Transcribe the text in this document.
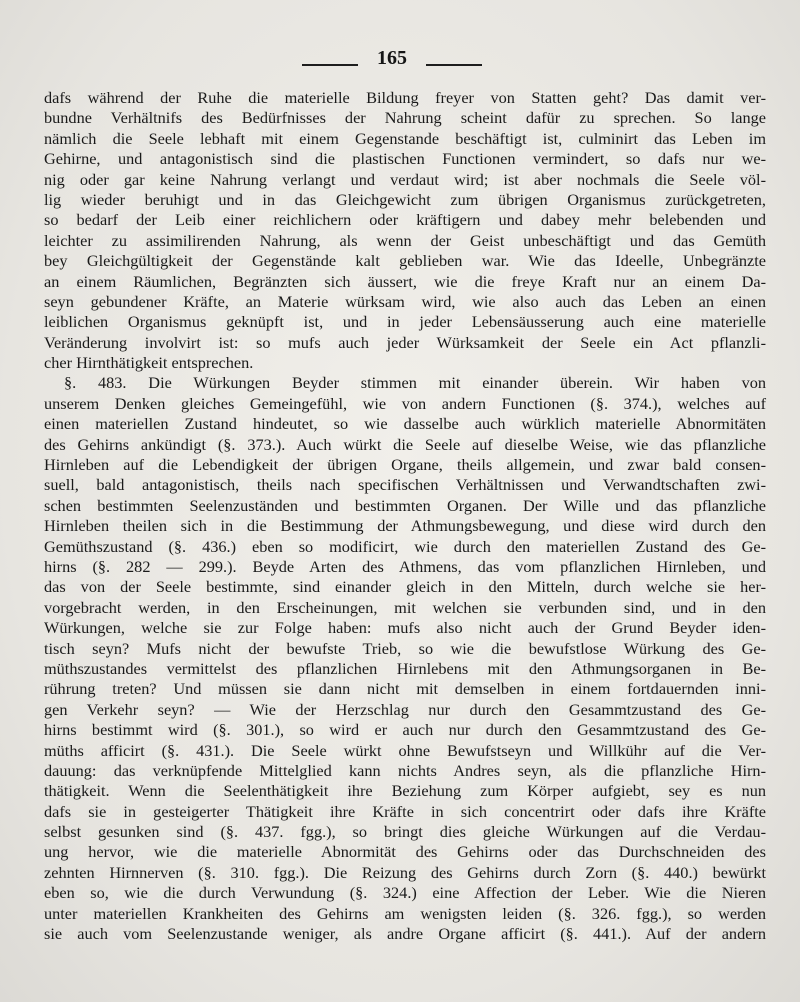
165
dafs während der Ruhe die materielle Bildung freyer von Statten geht? Das damit ver-
bundne Verhältnifs des Bedürfnisses der Nahrung scheint dafür zu sprechen. So lange
nämlich die Seele lebhaft mit einem Gegenstande beschäftigt ist, culminirt das Leben im
Gehirne, und antagonistisch sind die plastischen Functionen vermindert, so dafs nur we-
nig oder gar keine Nahrung verlangt und verdaut wird; ist aber nochmals die Seele völ-
lig wieder beruhigt und in das Gleichgewicht zum übrigen Organismus zurückgetreten,
so bedarf der Leib einer reichlichern oder kräftigern und dabey mehr belebenden und
leichter zu assimilirenden Nahrung, als wenn der Geist unbeschäftigt und das Gemüth
bey Gleichgültigkeit der Gegenstände kalt geblieben war. Wie das Ideelle, Unbegränzte
an einem Räumlichen, Begränzten sich äussert, wie die freye Kraft nur an einem Da-
seyn gebundener Kräfte, an Materie würksam wird, wie also auch das Leben an einen
leiblichen Organismus geknüpft ist, und in jeder Lebensäusserung auch eine materielle
Veränderung involvirt ist: so mufs auch jeder Würksamkeit der Seele ein Act pflanzli-
cher Hirnthätigkeit entsprechen.
§. 483. Die Würkungen Beyder stimmen mit einander überein. Wir haben von
unserem Denken gleiches Gemeingefühl, wie von andern Functionen (§. 374.), welches auf
einen materiellen Zustand hindeutet, so wie dasselbe auch würklich materielle Abnormitäten
des Gehirns ankündigt (§. 373.). Auch würkt die Seele auf dieselbe Weise, wie das pflanzliche
Hirnleben auf die Lebendigkeit der übrigen Organe, theils allgemein, und zwar bald consen-
suell, bald antagonistisch, theils nach specifischen Verhältnissen und Verwandtschaften zwi-
schen bestimmten Seelenzuständen und bestimmten Organen. Der Wille und das pflanzliche
Hirnleben theilen sich in die Bestimmung der Athmungsbewegung, und diese wird durch den
Gemüthszustand (§. 436.) eben so modificirt, wie durch den materiellen Zustand des Ge-
hirns (§. 282 — 299.). Beyde Arten des Athmens, das vom pflanzlichen Hirnleben, und
das von der Seele bestimmte, sind einander gleich in den Mitteln, durch welche sie her-
vorgebracht werden, in den Erscheinungen, mit welchen sie verbunden sind, und in den
Würkungen, welche sie zur Folge haben: mufs also nicht auch der Grund Beyder iden-
tisch seyn? Mufs nicht der bewufste Trieb, so wie die bewufstlose Würkung des Ge-
müthszustandes vermittelst des pflanzlichen Hirnlebens mit den Athmungsorganen in Be-
rührung treten? Und müssen sie dann nicht mit demselben in einem fortdauernden inni-
gen Verkehr seyn? — Wie der Herzschlag nur durch den Gesammtzustand des Ge-
hirns bestimmt wird (§. 301.), so wird er auch nur durch den Gesammtzustand des Ge-
müths afficirt (§. 431.). Die Seele würkt ohne Bewufstseyn und Willkühr auf die Ver-
dauung: das verknüpfende Mittelglied kann nichts Andres seyn, als die pflanzliche Hirn-
thätigkeit. Wenn die Seelenthätigkeit ihre Beziehung zum Körper aufgiebt, sey es nun
dafs sie in gesteigerter Thätigkeit ihre Kräfte in sich concentrirt oder dafs ihre Kräfte
selbst gesunken sind (§. 437. fgg.), so bringt dies gleiche Würkungen auf die Verdau-
ung hervor, wie die materielle Abnormität des Gehirns oder das Durchschneiden des
zehnten Hirnnerven (§. 310. fgg.). Die Reizung des Gehirns durch Zorn (§. 440.) bewürkt
eben so, wie die durch Verwundung (§. 324.) eine Affection der Leber. Wie die Nieren
unter materiellen Krankheiten des Gehirns am wenigsten leiden (§. 326. fgg.), so werden
sie auch vom Seelenzustande weniger, als andre Organe afficirt (§. 441.). Auf der andern
